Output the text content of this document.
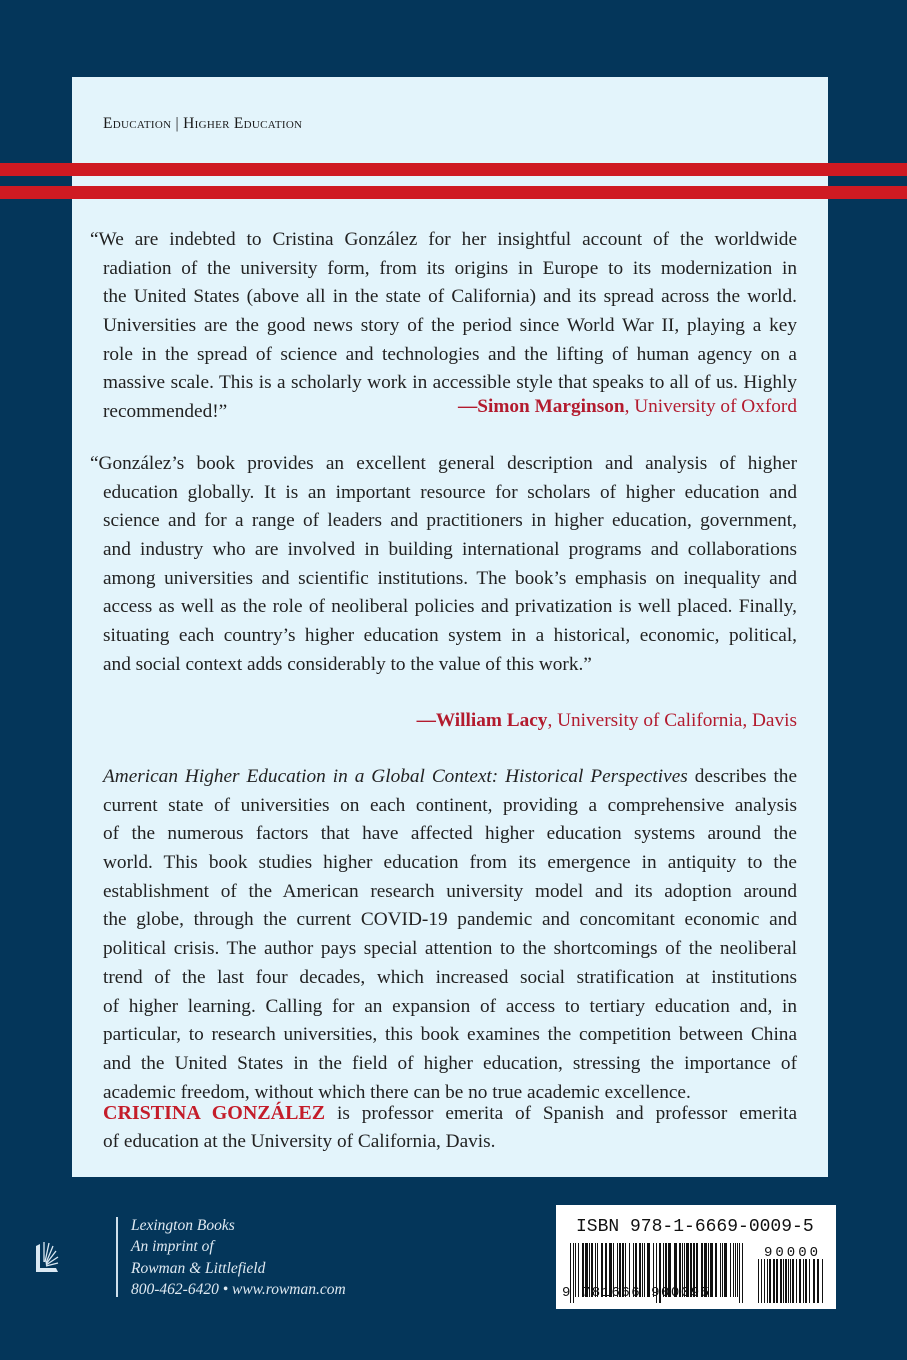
Education | Higher Education
“We are indebted to Cristina González for her insightful account of the worldwide
radiation of the university form, from its origins in Europe to its modernization in
the United States (above all in the state of California) and its spread across the world.
Universities are the good news story of the period since World War II, playing a key
role in the spread of science and technologies and the lifting of human agency on a
massive scale. This is a scholarly work in accessible style that speaks to all of us. Highly
recommended!”	—Simon Marginson, University of Oxford
“González’s book provides an excellent general description and analysis of higher
education globally. It is an important resource for scholars of higher education and
science and for a range of leaders and practitioners in higher education, government,
and industry who are involved in building international programs and collaborations
among universities and scientific institutions. The book’s emphasis on inequality and
access as well as the role of neoliberal policies and privatization is well placed. Finally,
situating each country’s higher education system in a historical, economic, political,
and social context adds considerably to the value of this work.”
—William Lacy, University of California, Davis
American Higher Education in a Global Context: Historical Perspectives describes the
current state of universities on each continent, providing a comprehensive analysis
of the numerous factors that have affected higher education systems around the
world. This book studies higher education from its emergence in antiquity to the
establishment of the American research university model and its adoption around
the globe, through the current COVID-19 pandemic and concomitant economic and
political crisis. The author pays special attention to the shortcomings of the neoliberal
trend of the last four decades, which increased social stratification at institutions
of higher learning. Calling for an expansion of access to tertiary education and, in
particular, to research universities, this book examines the competition between China
and the United States in the field of higher education, stressing the importance of
academic freedom, without which there can be no true academic excellence.
CRISTINA GONZÁLEZ is professor emerita of Spanish and professor emerita
of education at the University of California, Davis.
Lexington Books
An imprint of
Rowman & Littlefield
800-462-6420 • www.rowman.com
ISBN 978-1-6669-0009-5
9 781666 900095
90000
